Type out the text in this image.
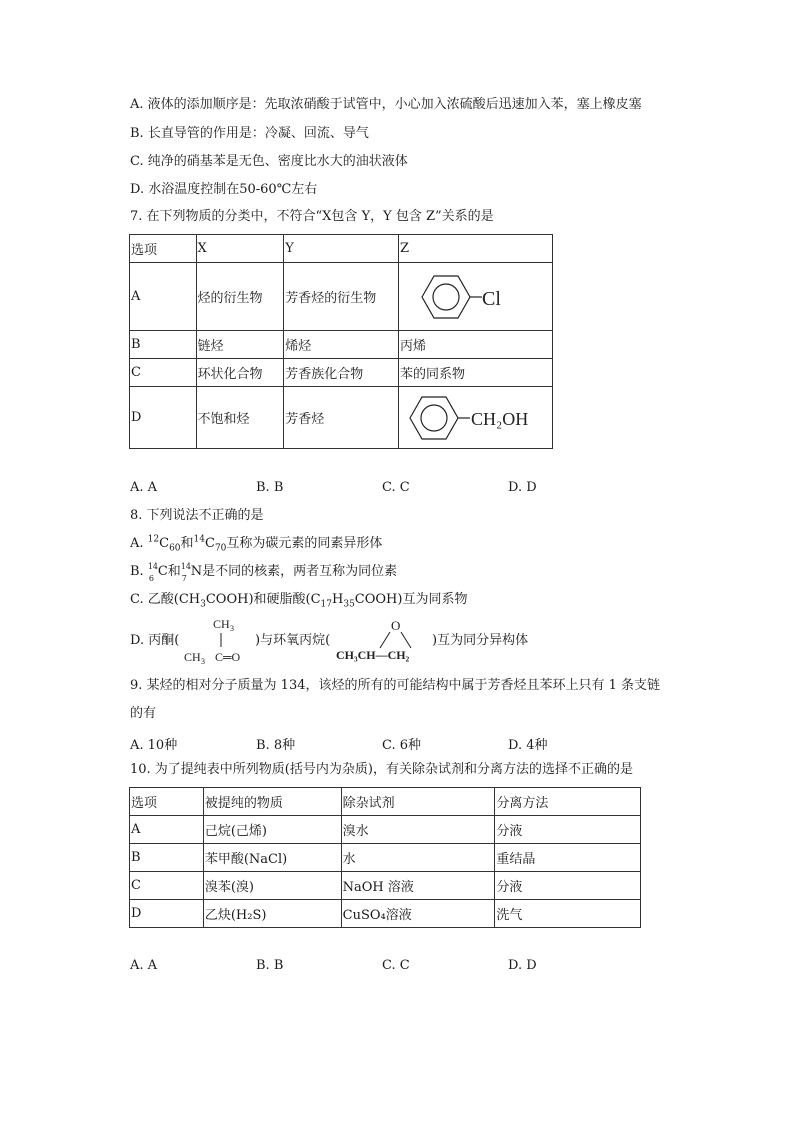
A. 液体的添加顺序是：先取浓硝酸于试管中，小心加入浓硫酸后迅速加入苯，塞上橡皮塞
B. 长直导管的作用是：冷凝、回流、导气
C. 纯净的硝基苯是无色、密度比水大的油状液体
D. 水浴温度控制在50-60℃左右
7. 在下列物质的分类中，不符合“X包含 Y，Y 包含 Z”关系的是
选项	X	Y	Z
A	烃的衍生物	芳香烃的衍生物	Cl

B	链烃	烯烃	丙烯
C	环状化合物	芳香族化合物	苯的同系物
D	不饱和烃	芳香烃	CH₂OH
A. A	B. B	C. C	D. D
8. 下列说法不正确的是
A. $^{12}C_{60}$和$^{14}C_{70}$互称为碳元素的同素异形体
B. 14
6 C和 14
7 N是不同的核素，两者互称为同位素
C. 乙酸$(CH_3COOH)$和硬脂酸$(C_{17}H_{35}COOH)$互为同系物
D. 丙酮(
CH 3
CH 3 C═O
)与环氧丙烷(
O
CH₃CH—CH₂
)互为同分异构体
9. 某烃的相对分子质量为 134，该烃的所有的可能结构中属于芳香烃且苯环上只有 1 条支链
的有
A. 10种	B. 8种	C. 6种	D. 4种
10. 为了提纯表中所列物质(括号内为杂质)，有关除杂试剂和分离方法的选择不正确的是
选项	被提纯的物质	除杂试剂	分离方法
A	己烷(己烯)	溴水	分液
B	苯甲酸(NaCl)	水	重结晶
C	溴苯(溴)	NaOH 溶液	分液
D	乙炔(H₂S)	CuSO₄溶液	洗气
A. A	B. B	C. C	D. D
